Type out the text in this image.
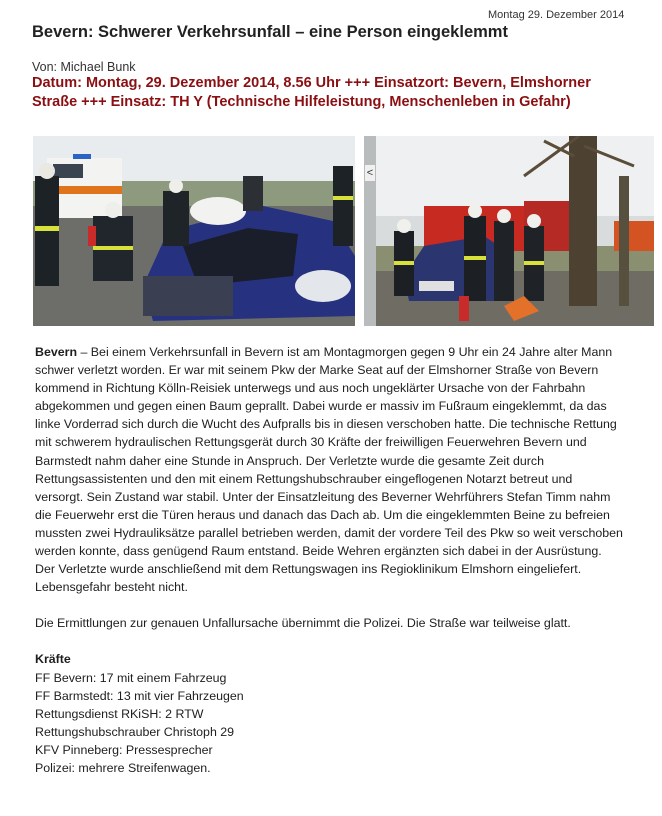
Montag 29. Dezember 2014
Bevern: Schwerer Verkehrsunfall – eine Person eingeklemmt
Von: Michael Bunk
Datum: Montag, 29. Dezember 2014, 8.56 Uhr +++ Einsatzort: Bevern, Elmshorner Straße +++ Einsatz: TH Y (Technische Hilfeleistung, Menschenleben in Gefahr)
<

Bevern – Bei einem Verkehrsunfall in Bevern ist am Montagmorgen gegen 9 Uhr ein 24 Jahre alter Mann schwer verletzt worden. Er war mit seinem Pkw der Marke Seat auf der Elmshorner Straße von Bevern kommend in Richtung Kölln-Reisiek unterwegs und aus noch ungeklärter Ursache von der Fahrbahn abgekommen und gegen einen Baum geprallt. Dabei wurde er massiv im Fußraum eingeklemmt, da das linke Vorderrad sich durch die Wucht des Aufpralls bis in diesen verschoben hatte. Die technische Rettung mit schwerem hydraulischen Rettungsgerät durch 30 Kräfte der freiwilligen Feuerwehren Bevern und Barmstedt nahm daher eine Stunde in Anspruch. Der Verletzte wurde die gesamte Zeit durch Rettungsassistenten und den mit einem Rettungshubschrauber eingeflogenen Notarzt betreut und versorgt. Sein Zustand war stabil. Unter der Einsatzleitung des Beverner Wehrführers Stefan Timm nahm die Feuerwehr erst die Türen heraus und danach das Dach ab. Um die eingeklemmten Beine zu befreien mussten zwei Hydrauliksätze parallel betrieben werden, damit der vordere Teil des Pkw so weit verschoben werden konnte, dass genügend Raum entstand. Beide Wehren ergänzten sich dabei in der Ausrüstung. Der Verletzte wurde anschließend mit dem Rettungswagen ins Regioklinikum Elmshorn eingeliefert. Lebensgefahr besteht nicht.

Die Ermittlungen zur genauen Unfallursache übernimmt die Polizei. Die Straße war teilweise glatt.

Kräfte
FF Bevern: 17 mit einem Fahrzeug
FF Barmstedt: 13 mit vier Fahrzeugen
Rettungsdienst RKiSH: 2 RTW
Rettungshubschrauber Christoph 29
KFV Pinneberg: Pressesprecher
Polizei: mehrere Streifenwagen.
